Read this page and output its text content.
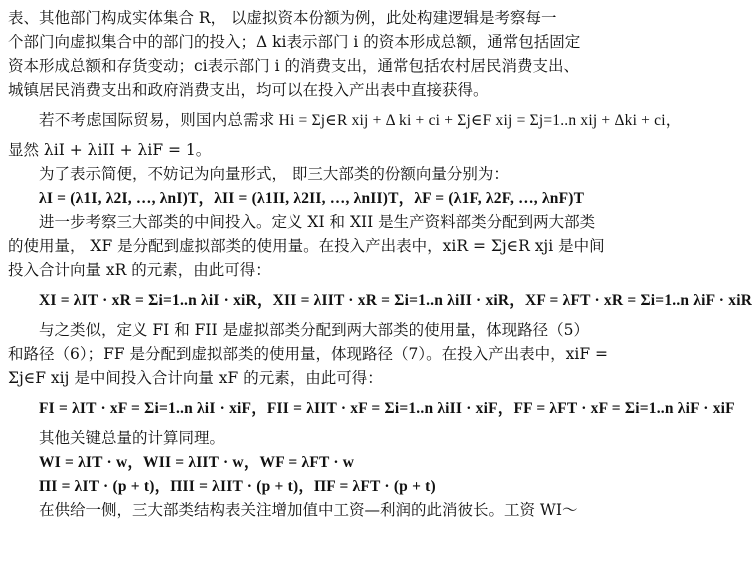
表、其他部门构成实体集合 R， 以虚拟资本份额为例，此处构建逻辑是考察每一
个部门向虚拟集合中的部门的投入；Δ ki表示部门 i 的资本形成总额，通常包括固定
资本形成总额和存货变动；ci表示部门 i 的消费支出，通常包括农村居民消费支出、
城镇居民消费支出和政府消费支出，均可以在投入产出表中直接获得。
若不考虑国际贸易，则国内总需求 Hi = Σj∈R xij + Δ ki + ci + Σj∈F xij = Σj=1..n xij + Δki + ci，
显然 λiI + λiII + λiF = 1。
为了表示简便，不妨记为向量形式， 即三大部类的份额向量分别为：
λI = (λ1I, λ2I, …, λnI)T，λII = (λ1II, λ2II, …, λnII)T，λF = (λ1F, λ2F, …, λnF)T
进一步考察三大部类的中间投入。定义 XI 和 XII 是生产资料部类分配到两大部类
的使用量， XF 是分配到虚拟部类的使用量。在投入产出表中，xiR = Σj∈R xji 是中间
投入合计向量 xR 的元素，由此可得：
XI = λIT · xR = Σi=1..n λiI · xiR，XII = λIIT · xR = Σi=1..n λiII · xiR，XF = λFT · xR = Σi=1..n λiF · xiR
与之类似，定义 FI 和 FII 是虚拟部类分配到两大部类的使用量，体现路径（5）
和路径（6）；FF 是分配到虚拟部类的使用量，体现路径（7）。在投入产出表中，xiF =
Σj∈F xij 是中间投入合计向量 xF 的元素，由此可得：
FI = λIT · xF = Σi=1..n λiI · xiF，FII = λIIT · xF = Σi=1..n λiII · xiF，FF = λFT · xF = Σi=1..n λiF · xiF
其他关键总量的计算同理。
WI = λIT · w，WII = λIIT · w，WF = λFT · w
ΠI = λIT · (p + t)，ΠII = λIIT · (p + t)，ΠF = λFT · (p + t)
在供给一侧，三大部类结构表关注增加值中工资—利润的此消彼长。工资 WI～
